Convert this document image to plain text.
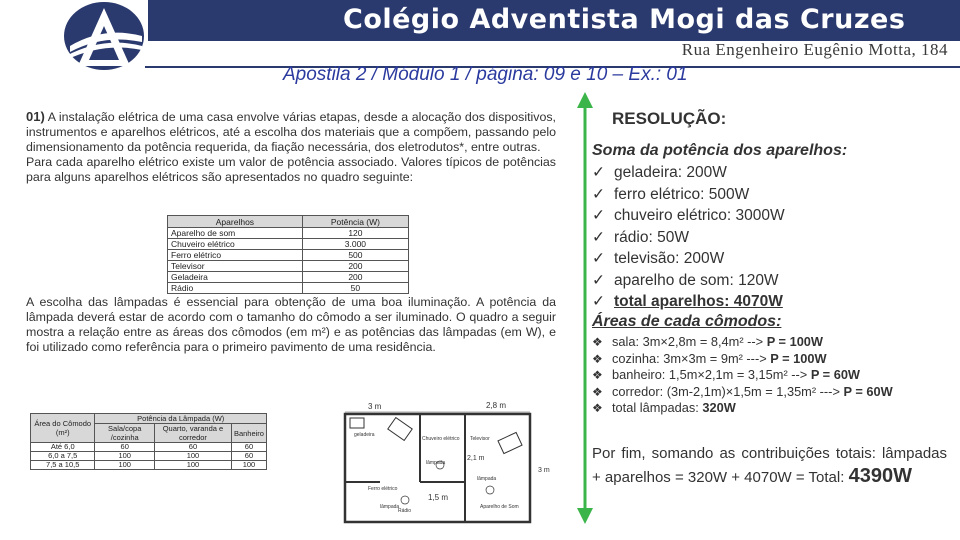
Colégio Adventista Mogi das Cruzes
Rua Engenheiro Eugênio Motta, 184
Apostila 2 / Módulo 1 / página: 09 e 10 – Ex.: 01
01) A instalação elétrica de uma casa envolve várias etapas, desde a alocação dos dispositivos, instrumentos e aparelhos elétricos, até a escolha dos materiais que a compõem, passando pelo dimensionamento da potência requerida, da fiação necessária, dos eletrodutos*, entre outras.
Para cada aparelho elétrico existe um valor de potência associado. Valores típicos de potências para alguns aparelhos elétricos são apresentados no quadro seguinte:
A escolha das lâmpadas é essencial para obtenção de uma boa iluminação. A potência da lâmpada deverá estar de acordo com o tamanho do cômodo a ser iluminado. O quadro a seguir mostra a relação entre as áreas dos cômodos (em m²) e as potências das lâmpadas (em W), e foi utilizado como referência para o primeiro pavimento de uma residência.
Aparelhos	Potência (W)
Aparelho de som	120
Chuveiro elétrico	3.000
Ferro elétrico	500
Televisor	200
Geladeira	200
Rádio	50
Área do Cômodo (m²)	Potência da Lâmpada (W)		
	Sala/copa /cozinha	Quarto, varanda e corredor	Banheiro
Até 6,0	60	60	60
6,0 a 7,5	100	100	60
7,5 a 10,5	100	100	100
3 m	2,8 m
geladeira
Chuveiro elétrico Televisor
lâmpada
lâmpada
2,1 m
3 m
Ferro elétrico
lâmpada
1,5 m
Aparelho de Som
Rádio
RESOLUÇÃO:
Soma da potência dos aparelhos:
✓ geladeira: 200W
✓ ferro elétrico: 500W
✓ chuveiro elétrico: 3000W
✓ rádio: 50W
✓ televisão: 200W
✓ aparelho de som: 120W
✓ total aparelhos: 4070W
Áreas de cada cômodos:
❖ sala: 3m×2,8m = 8,4m² --> P = 100W
❖ cozinha: 3m×3m = 9m² ---> P = 100W
❖ banheiro: 1,5m×2,1m = 3,15m² --> P = 60W
❖ corredor: (3m-2,1m)×1,5m = 1,35m² ---> P = 60W
❖ total lâmpadas: 320W
Por fim, somando as contribuições totais: lâmpadas + aparelhos = 320W + 4070W = Total: 4390W
